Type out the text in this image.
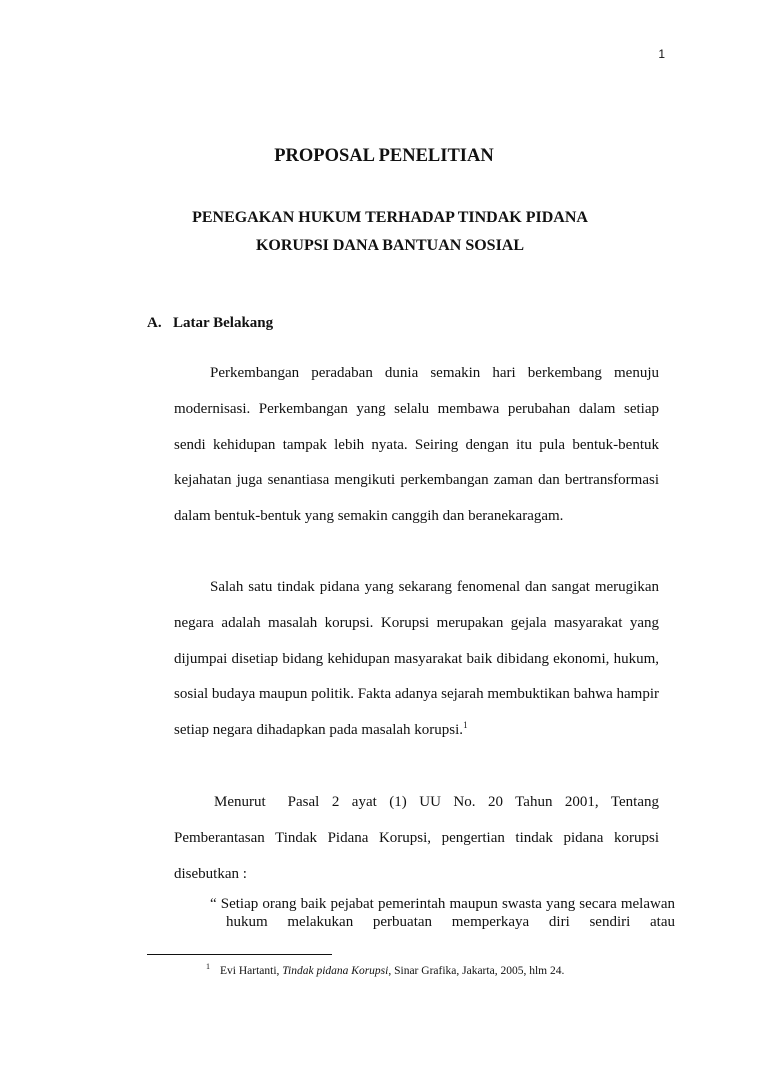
1
PROPOSAL PENELITIAN
PENEGAKAN HUKUM TERHADAP TINDAK PIDANA
KORUPSI DANA BANTUAN SOSIAL
A. Latar Belakang

Perkembangan peradaban dunia semakin hari berkembang menuju modernisasi. Perkembangan yang selalu membawa perubahan dalam setiap sendi kehidupan tampak lebih nyata. Seiring dengan itu pula bentuk-bentuk kejahatan juga senantiasa mengikuti perkembangan zaman dan bertransformasi dalam bentuk-bentuk yang semakin canggih dan beranekaragam.

Salah satu tindak pidana yang sekarang fenomenal dan sangat merugikan negara adalah masalah korupsi. Korupsi merupakan gejala masyarakat yang dijumpai disetiap bidang kehidupan masyarakat baik dibidang ekonomi, hukum, sosial budaya maupun politik. Fakta adanya sejarah membuktikan bahwa hampir setiap negara dihadapkan pada masalah korupsi.$^1$

Menurut Pasal 2 ayat (1) UU No. 20 Tahun 2001, Tentang Pemberantasan Tindak Pidana Korupsi, pengertian tindak pidana korupsi disebutkan :

“ Setiap orang baik pejabat pemerintah maupun swasta yang secara melawan hukum melakukan perbuatan memperkaya diri sendiri atau

$^1$ Evi Hartanti, Tindak pidana Korupsi, Sinar Grafika, Jakarta, 2005, hlm 24.
